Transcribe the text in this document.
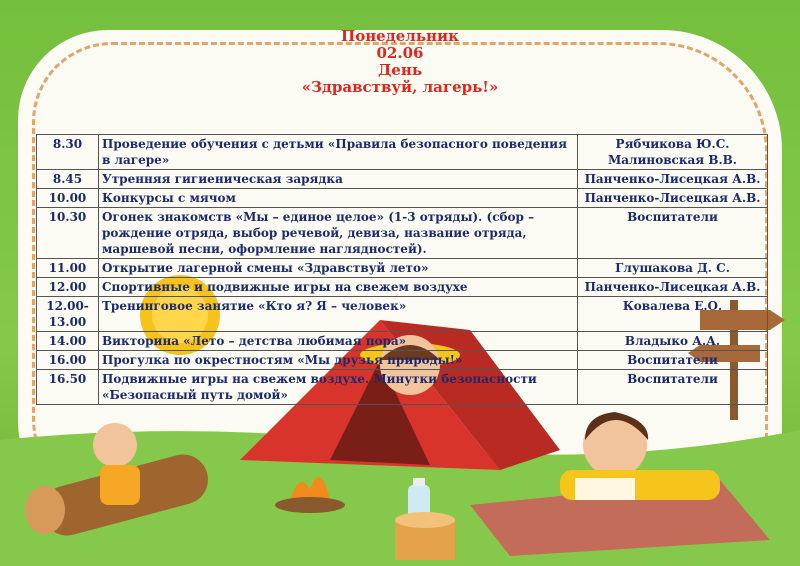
Понедельник
02.06
День
«Здравствуй, лагерь!»
8.30	Проведение обучения с детьми «Правила безопасного поведения в лагере»	Рябчикова Ю.С. Малиновская В.В.
8.45	Утренняя гигиеническая зарядка	Панченко-Лисецкая А.В.
10.00	Конкурсы с мячом	Панченко-Лисецкая А.В.
10.30	Огонек знакомств «Мы – единое целое» (1-3 отряды). (сбор – рождение отряда, выбор речевой, девиза, название отряда, маршевой песни, оформление наглядностей).	Воспитатели
11.00	Открытие лагерной смены «Здравствуй лето»	Глушакова Д. С.
12.00	Спортивные и подвижные игры на свежем воздухе	Панченко-Лисецкая А.В.
12.00-13.00	Тренинговое занятие «Кто я? Я – человек»	Ковалева Е.О.
14.00	Викторина «Лето – детства любимая пора»	Владыко А.А.
16.00	Прогулка по окрестностям «Мы друзья природы!»	Воспитатели
16.50	Подвижные игры на свежем воздухе. Минутки безопасности «Безопасный путь домой»	Воспитатели
